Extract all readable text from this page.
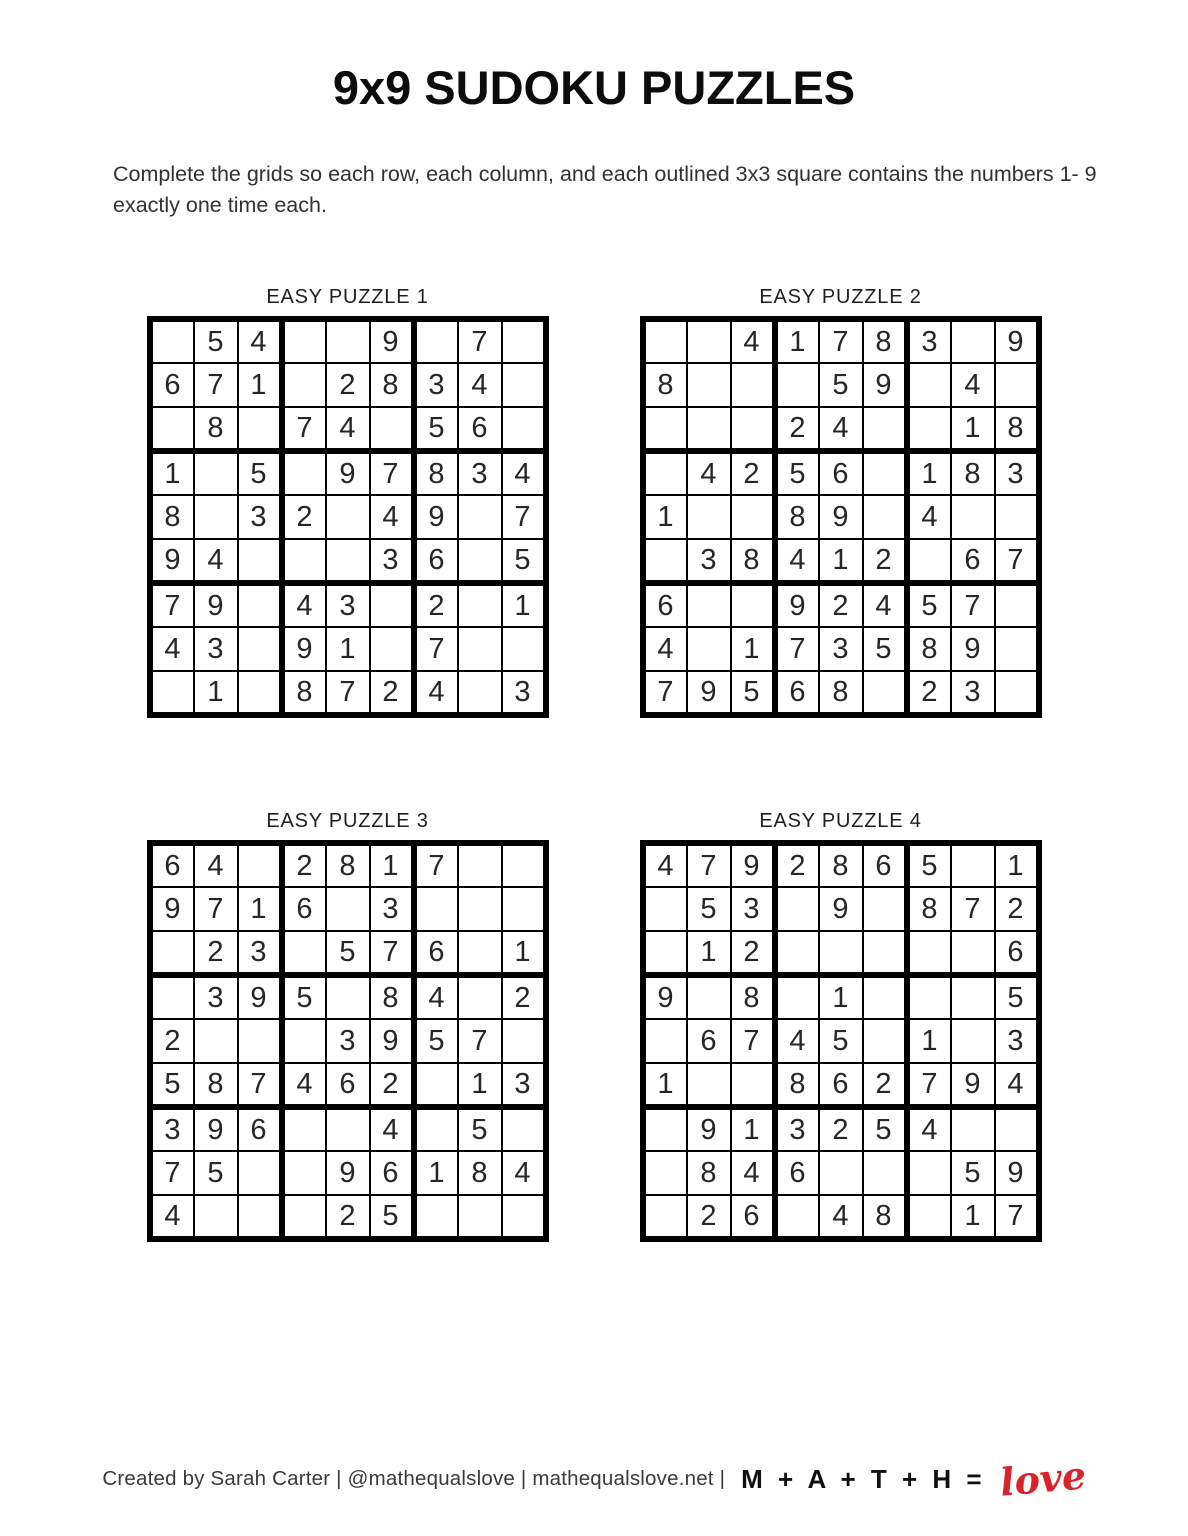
9x9 SUDOKU PUZZLES

Complete the grids so each row, each column, and each outlined 3x3 square contains the numbers 1- 9 exactly one time each.

EASY PUZZLE 1
	5	4			9		7	
6	7	1		2	8	3	4	
	8		7	4		5	6	
1		5		9	7	8	3	4
8		3	2		4	9		7
9	4				3	6		5
7	9		4	3		2		1
4	3		9	1		7		
	1		8	7	2	4		3
EASY PUZZLE 2
		4	1	7	8	3		9
8				5	9		4	
			2	4			1	8
	4	2	5	6		1	8	3
1			8	9		4		
	3	8	4	1	2		6	7
6			9	2	4	5	7	
4		1	7	3	5	8	9	
7	9	5	6	8		2	3	
EASY PUZZLE 3
6	4		2	8	1	7		
9	7	1	6		3			
	2	3		5	7	6		1
	3	9	5		8	4		2
2				3	9	5	7	
5	8	7	4	6	2		1	3
3	9	6			4		5	
7	5			9	6	1	8	4
4				2	5			
EASY PUZZLE 4
4	7	9	2	8	6	5		1
	5	3		9		8	7	2
	1	2						6
9		8		1				5
	6	7	4	5		1		3
1			8	6	2	7	9	4
	9	1	3	2	5	4		
	8	4	6				5	9
	2	6		4	8		1	7
Created by Sarah Carter | @mathequalslove | mathequalslove.net | M + A + T + H = love
